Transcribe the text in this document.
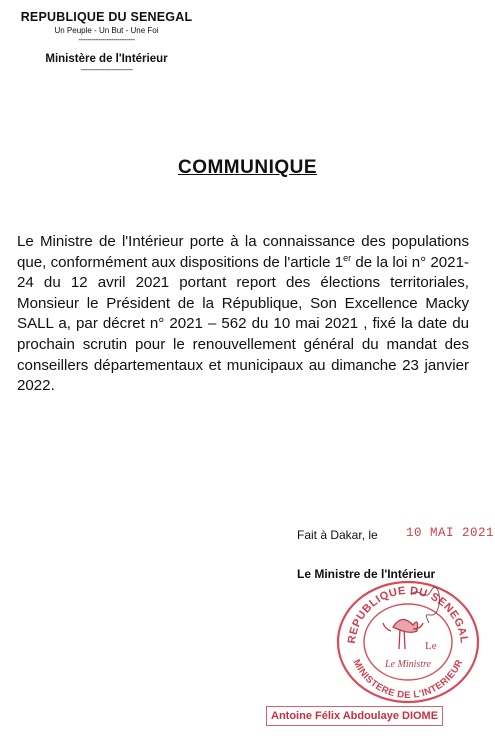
REPUBLIQUE DU SENEGAL
Un Peuple - Un But - Une Foi
--------------------------
Ministère de l'Intérieur
------------------------
COMMUNIQUE
Le Ministre de l'Intérieur porte à la connaissance des populations que, conformément aux dispositions de l'article 1er de la loi n° 2021-24 du 12 avril 2021 portant report des élections territoriales, Monsieur le Président de la République, Son Excellence Macky SALL a, par décret n° 2021 – 562 du 10 mai 2021 , fixé la date du prochain scrutin pour le renouvellement général du mandat des conseillers départementaux et municipaux au dimanche 23 janvier 2022.
Fait à Dakar, le 10 MAI 2021
Le Ministre de l'Intérieur
REPUBLIQUE DU SENEGAL
MINISTERE DE L'INTERIEUR
Le
Le Ministre
Antoine Félix Abdoulaye DIOME
